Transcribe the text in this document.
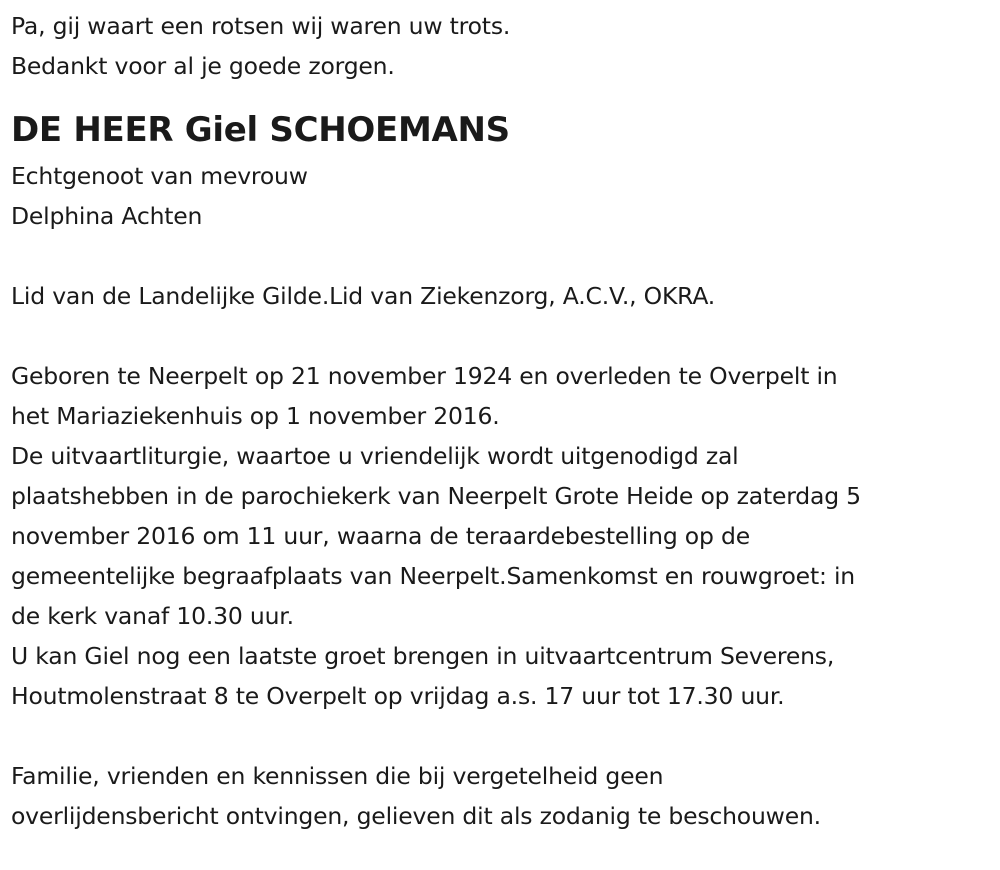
Pa, gij waart een rotsen wij waren uw trots.
Bedankt voor al je goede zorgen.
DE HEER Giel SCHOEMANS
Echtgenoot van mevrouw
Delphina Achten
Lid van de Landelijke Gilde.Lid van Ziekenzorg, A.C.V., OKRA.
Geboren te Neerpelt op 21 november 1924 en overleden te Overpelt in
het Mariaziekenhuis op 1 november 2016.
De uitvaartliturgie, waartoe u vriendelijk wordt uitgenodigd zal
plaatshebben in de parochiekerk van Neerpelt Grote Heide op zaterdag 5
november 2016 om 11 uur, waarna de teraardebestelling op de
gemeentelijke begraafplaats van Neerpelt.Samenkomst en rouwgroet: in
de kerk vanaf 10.30 uur.
U kan Giel nog een laatste groet brengen in uitvaartcentrum Severens,
Houtmolenstraat 8 te Overpelt op vrijdag a.s. 17 uur tot 17.30 uur.
Familie, vrienden en kennissen die bij vergetelheid geen
overlijdensbericht ontvingen, gelieven dit als zodanig te beschouwen.
